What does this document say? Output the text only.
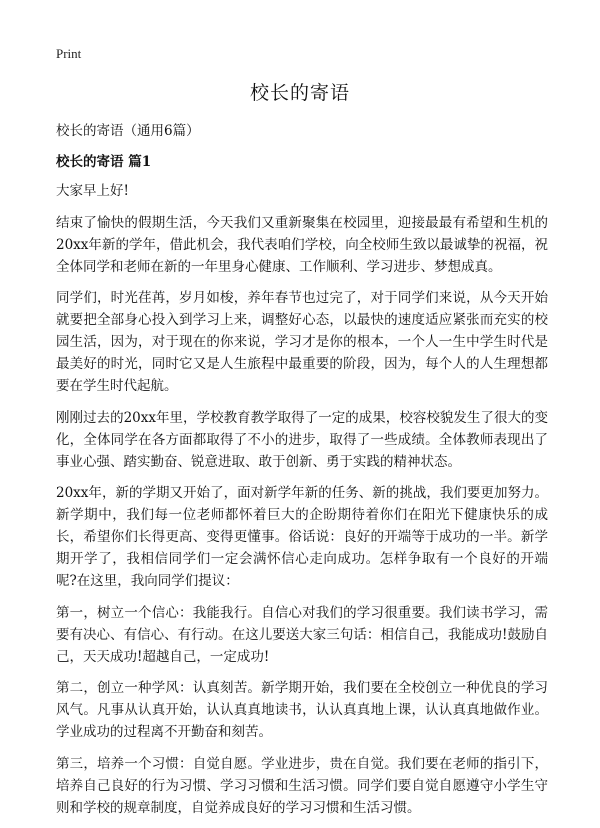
Print
校长的寄语
校长的寄语（通用6篇）
校长的寄语 篇1

大家早上好!

结束了愉快的假期生活，今天我们又重新聚集在校园里，迎接最最有希望和生机的20xx年新的学年，借此机会，我代表咱们学校，向全校师生致以最诚挚的祝福，祝全体同学和老师在新的一年里身心健康、工作顺利、学习进步、梦想成真。

同学们，时光荏苒，岁月如梭，养年春节也过完了，对于同学们来说，从今天开始就要把全部身心投入到学习上来，调整好心态，以最快的速度适应紧张而充实的校园生活，因为，对于现在的你来说，学习才是你的根本，一个人一生中学生时代是最美好的时光，同时它又是人生旅程中最重要的阶段，因为，每个人的人生理想都要在学生时代起航。

刚刚过去的20xx年里，学校教育教学取得了一定的成果，校容校貌发生了很大的变化，全体同学在各方面都取得了不小的进步，取得了一些成绩。全体教师表现出了事业心强、踏实勤奋、锐意进取、敢于创新、勇于实践的精神状态。

20xx年，新的学期又开始了，面对新学年新的任务、新的挑战，我们要更加努力。新学期中，我们每一位老师都怀着巨大的企盼期待着你们在阳光下健康快乐的成长，希望你们长得更高、变得更懂事。俗话说：良好的开端等于成功的一半。新学期开学了，我相信同学们一定会满怀信心走向成功。怎样争取有一个良好的开端呢?在这里，我向同学们提议：

第一，树立一个信心：我能我行。自信心对我们的学习很重要。我们读书学习，需要有决心、有信心、有行动。在这儿要送大家三句话：相信自己，我能成功!鼓励自己，天天成功!超越自己，一定成功!

第二，创立一种学风：认真刻苦。新学期开始，我们要在全校创立一种优良的学习风气。凡事从认真开始，认认真真地读书，认认真真地上课，认认真真地做作业。学业成功的过程离不开勤奋和刻苦。

第三，培养一个习惯：自觉自愿。学业进步，贵在自觉。我们要在老师的指引下，培养自己良好的行为习惯、学习习惯和生活习惯。同学们要自觉自愿遵守小学生守则和学校的规章制度，自觉养成良好的学习习惯和生活习惯。
